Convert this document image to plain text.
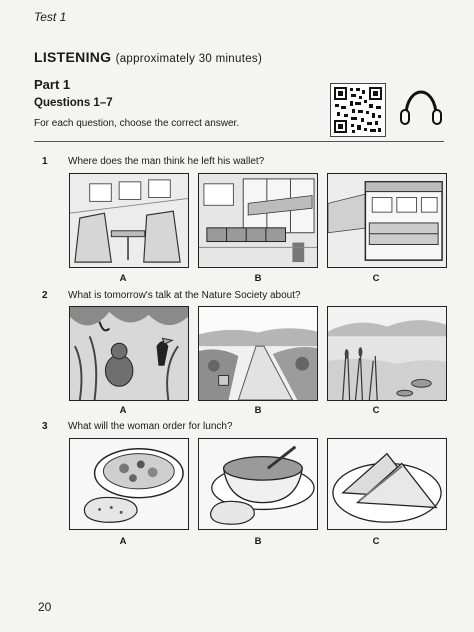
Test 1
LISTENING (approximately 30 minutes)
Part 1
Questions 1–7
For each question, choose the correct answer.
1 Where does the man think he left his wallet?
A	B	C
2 What is tomorrow's talk at the Nature Society about?
A	B	C
3 What will the woman order for lunch?
A	B	C
20
